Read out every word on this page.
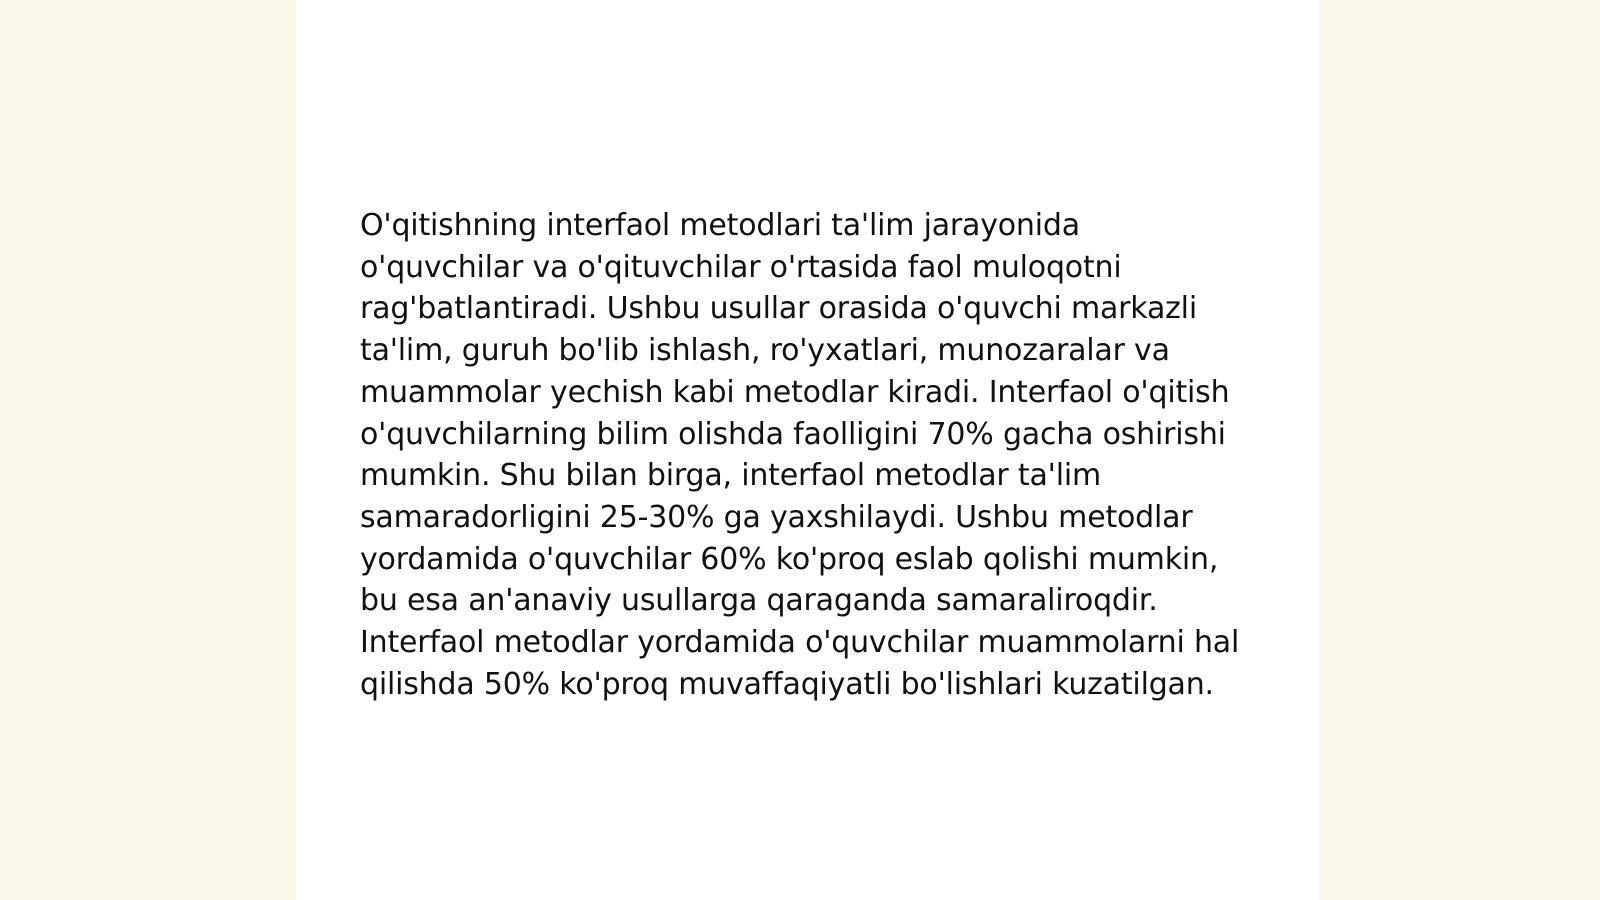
O'qitishning interfaol metodlari ta'lim jarayonida o'quvchilar va o'qituvchilar o'rtasida faol muloqotni rag'batlantiradi. Ushbu usullar orasida o'quvchi markazli ta'lim, guruh bo'lib ishlash, ro'yxatlari, munozaralar va muammolar yechish kabi metodlar kiradi. Interfaol o'qitish o'quvchilarning bilim olishda faolligini 70% gacha oshirishi mumkin. Shu bilan birga, interfaol metodlar ta'lim samaradorligini 25-30% ga yaxshilaydi. Ushbu metodlar yordamida o'quvchilar 60% ko'proq eslab qolishi mumkin, bu esa an'anaviy usullarga qaraganda samaraliroqdir. Interfaol metodlar yordamida o'quvchilar muammolarni hal qilishda 50% ko'proq muvaffaqiyatli bo'lishlari kuzatilgan.
